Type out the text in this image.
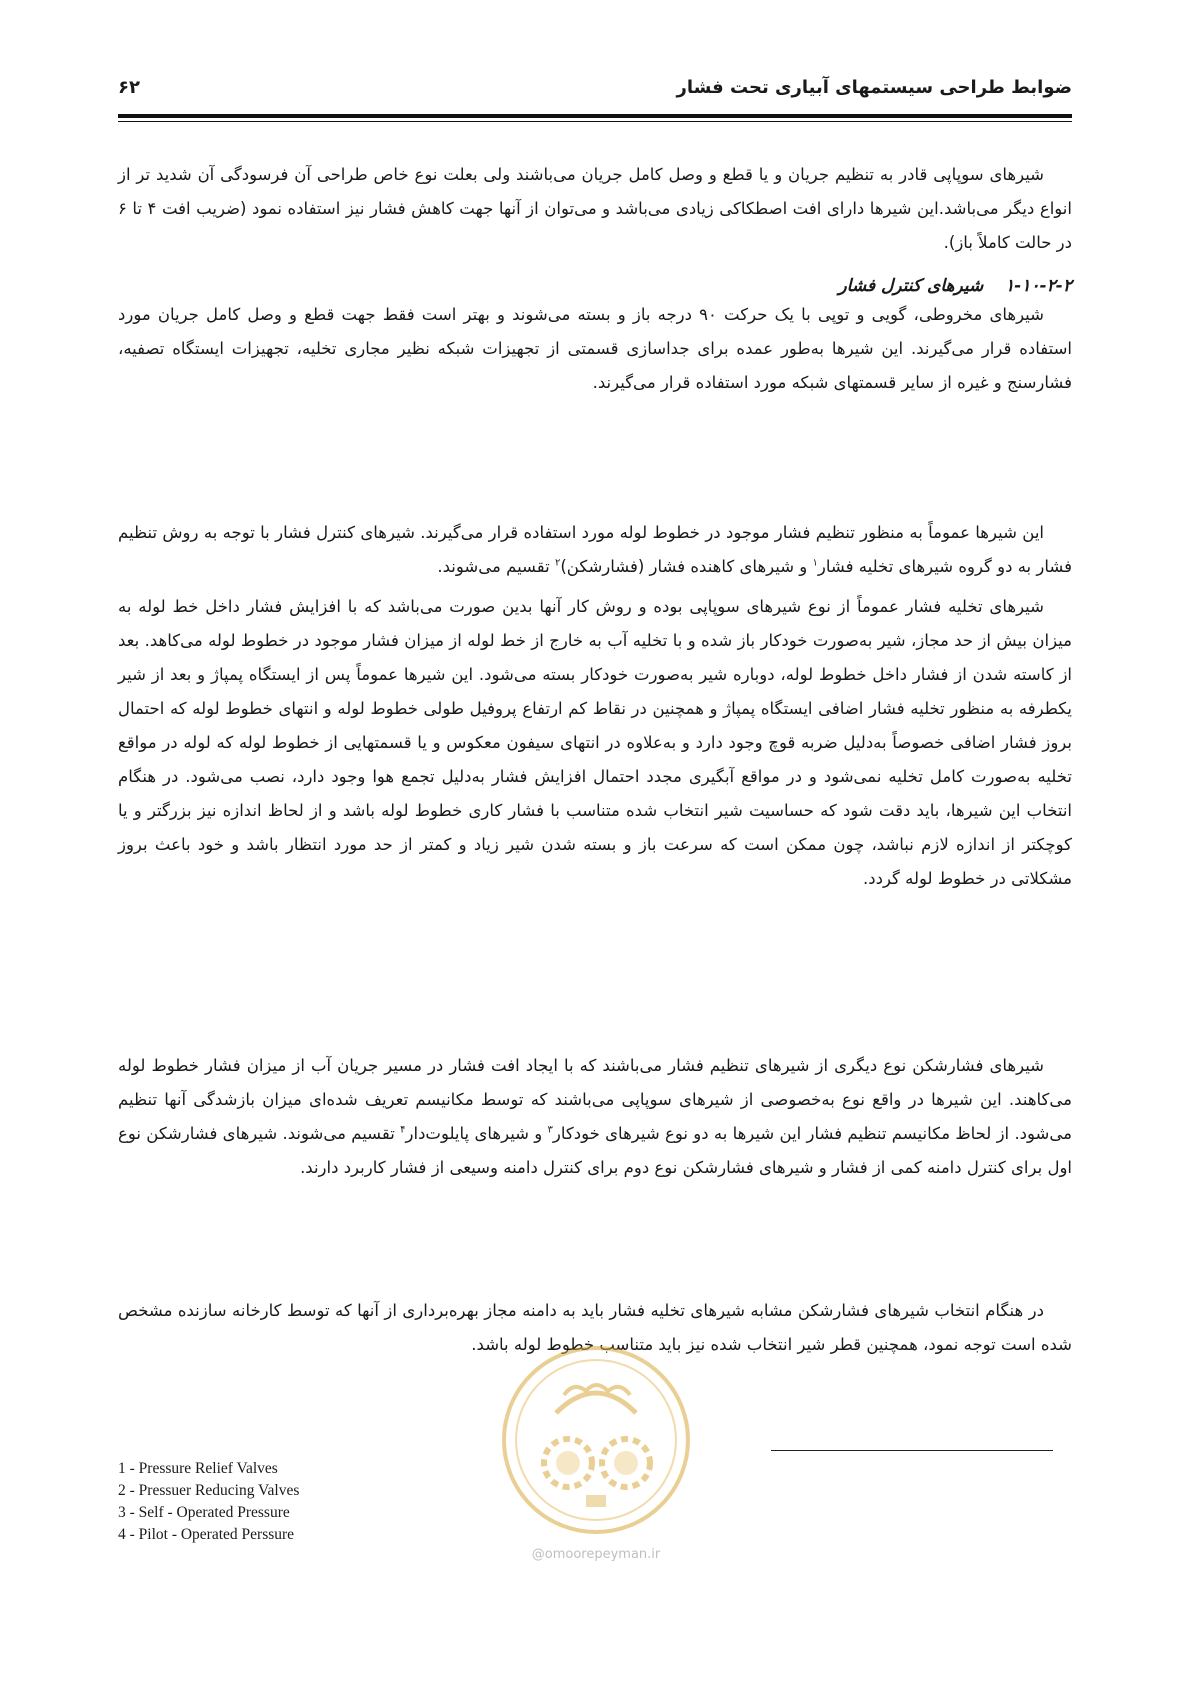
ضوابط طراحی سیستمهای آبیاری تحت فشار
۶۲

شیرهای سوپاپی قادر به تنظیم جریان و یا قطع و وصل کامل جریان می‌باشند ولی بعلت نوع خاص طراحی آن فرسودگی آن شدید تر از انواع دیگر می‌باشد.این شیرها دارای افت اصطکاکی زیادی می‌باشد و می‌توان از آنها جهت کاهش فشار نیز استفاده نمود (ضریب افت ۴ تا ۶ در حالت کاملاً باز).

شیرهای مخروطی، گویی و توپی با یک حرکت ۹۰ درجه باز و بسته می‌شوند و بهتر است فقط جهت قطع و وصل کامل جریان مورد استفاده قرار می‌گیرند. این شیرها به‌طور عمده برای جداسازی قسمتی از تجهیزات شبکه نظیر مجاری تخلیه، تجهیزات ایستگاه تصفیه، فشارسنج و غیره از سایر قسمتهای شبکه مورد استفاده قرار می‌گیرند.

۱-۱۰-۲-۲ شیرهای کنترل فشار

این شیرها عموماً به منظور تنظیم فشار موجود در خطوط لوله مورد استفاده قرار می‌گیرند. شیرهای کنترل فشار با توجه به روش تنظیم فشار به دو گروه شیرهای تخلیه فشار$^۱$ و شیرهای کاهنده فشار (فشارشکن)$^۲$ تقسیم می‌شوند.

شیرهای تخلیه فشار عموماً از نوع شیرهای سوپاپی بوده و روش کار آنها بدین صورت می‌باشد که با افزایش فشار داخل خط لوله به میزان بیش از حد مجاز، شیر به‌صورت خودکار باز شده و با تخلیه آب به خارج از خط لوله از میزان فشار موجود در خطوط لوله می‌کاهد. بعد از کاسته شدن از فشار داخل خطوط لوله، دوباره شیر به‌صورت خودکار بسته می‌شود. این شیرها عموماً پس از ایستگاه پمپاژ و بعد از شیر یکطرفه به منظور تخلیه فشار اضافی ایستگاه پمپاژ و همچنین در نقاط کم ارتفاع پروفیل طولی خطوط لوله و انتهای خطوط لوله که احتمال بروز فشار اضافی خصوصاً به‌دلیل ضربه قوچ وجود دارد و به‌علاوه در انتهای سیفون معکوس و یا قسمتهایی از خطوط لوله که لوله در مواقع تخلیه به‌صورت کامل تخلیه نمی‌شود و در مواقع آبگیری مجدد احتمال افزایش فشار به‌دلیل تجمع هوا وجود دارد، نصب می‌شود. در هنگام انتخاب این شیرها، باید دقت شود که حساسیت شیر انتخاب شده متناسب با فشار کاری خطوط لوله باشد و از لحاظ اندازه نیز بزرگتر و یا کوچکتر از اندازه لازم نباشد، چون ممکن است که سرعت باز و بسته شدن شیر زیاد و کمتر از حد مورد انتظار باشد و خود باعث بروز مشکلاتی در خطوط لوله گردد.

شیرهای فشارشکن نوع دیگری از شیرهای تنظیم فشار می‌باشند که با ایجاد افت فشار در مسیر جریان آب از میزان فشار خطوط لوله می‌کاهند. این شیرها در واقع نوع به‌خصوصی از شیرهای سوپاپی می‌باشند که توسط مکانیسم تعریف شده‌ای میزان بازشدگی آنها تنظیم می‌شود. از لحاظ مکانیسم تنظیم فشار این شیرها به دو نوع شیرهای خودکار$^۳$ و شیرهای پایلوت‌دار$^۴$ تقسیم می‌شوند. شیرهای فشارشکن نوع اول برای کنترل دامنه کمی از فشار و شیرهای فشارشکن نوع دوم برای کنترل دامنه وسیعی از فشار کاربرد دارند.

در هنگام انتخاب شیرهای فشارشکن مشابه شیرهای تخلیه فشار باید به دامنه مجاز بهره‌برداری از آنها که توسط کارخانه سازنده مشخص شده است توجه نمود، همچنین قطر شیر انتخاب شده نیز باید متناسب خطوط لوله باشد.

@omoorepeyman.ir
1 - Pressure Relief Valves
2 - Pressuer Reducing Valves
3 - Self - Operated Pressure
4 - Pilot - Operated Perssure
